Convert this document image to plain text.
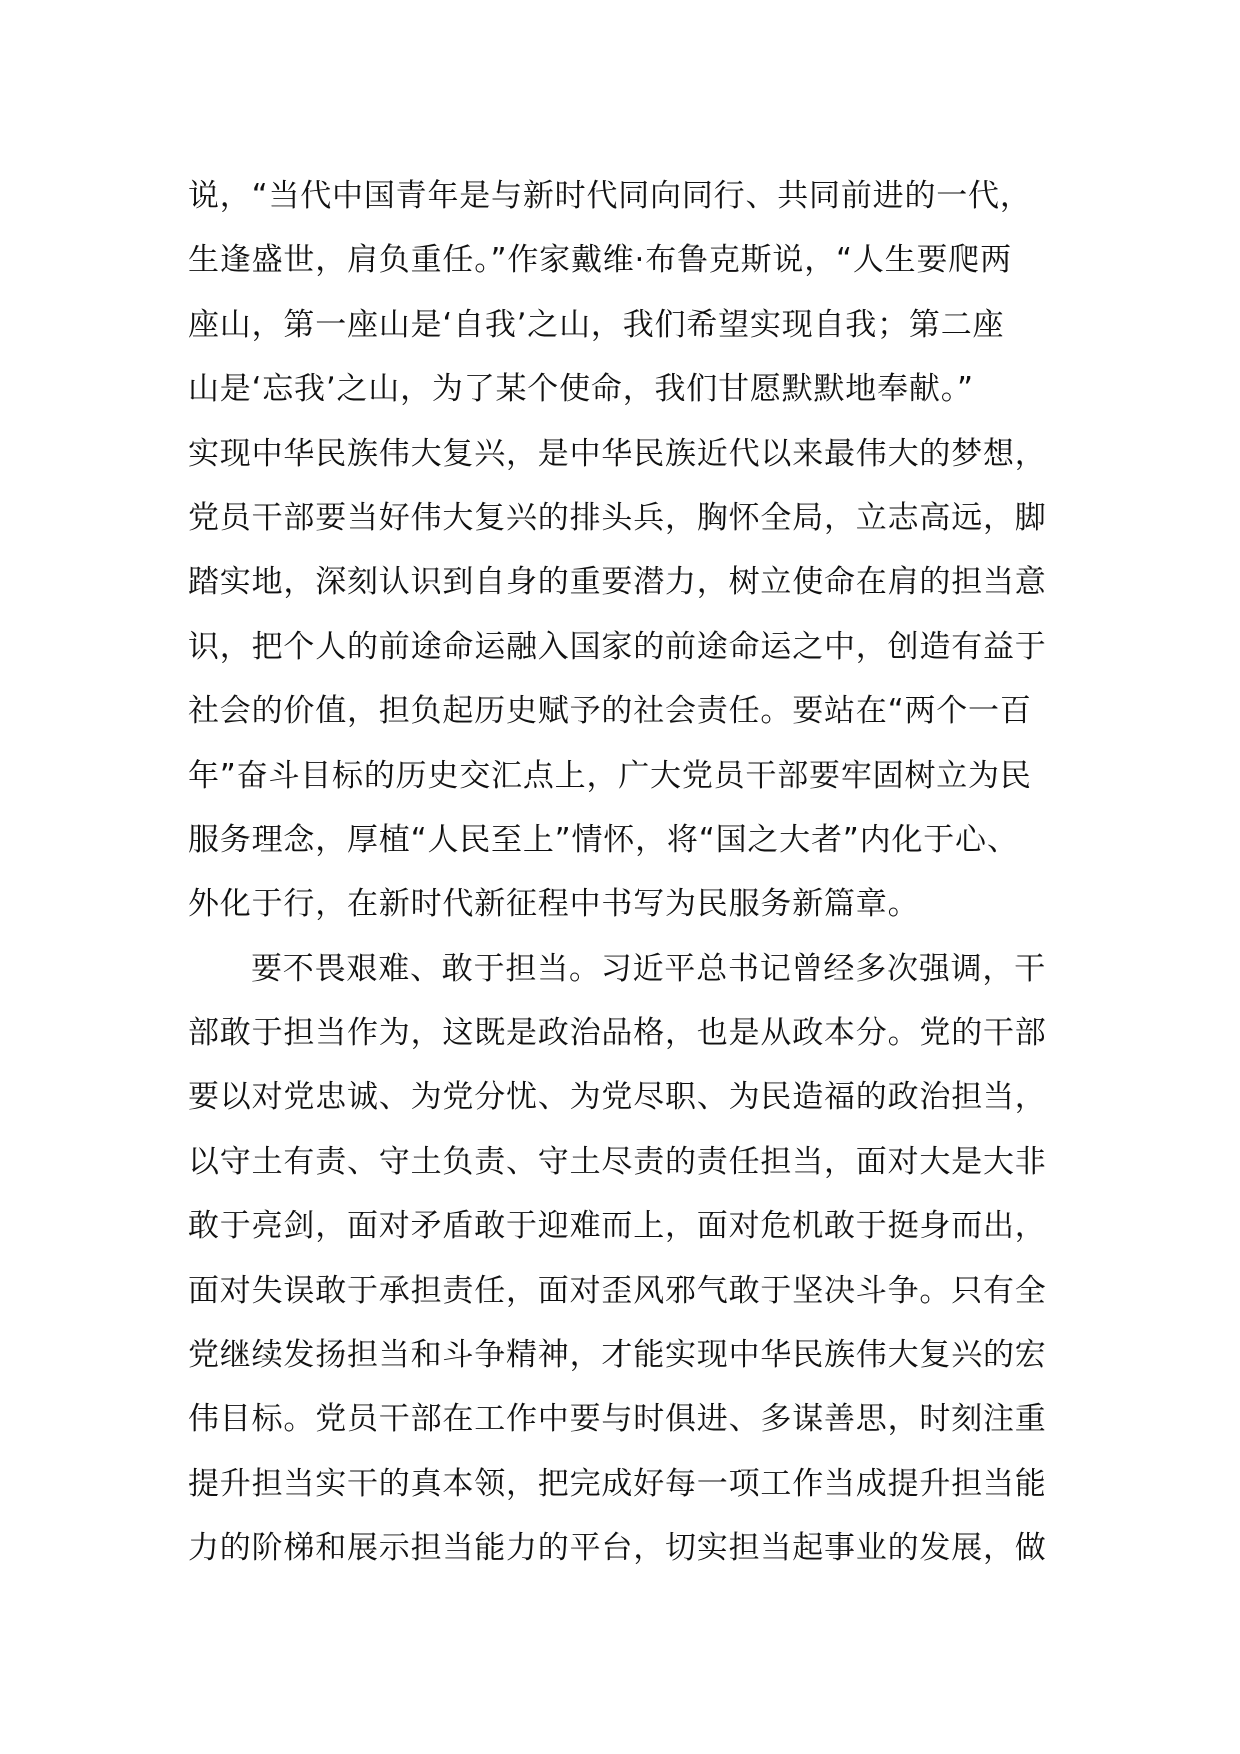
说，“当代中国青年是与新时代同向同行、共同前进的一代，
生逢盛世，肩负重任。”作家戴维·布鲁克斯说，“人生要爬两
座山，第一座山是‘自我’之山，我们希望实现自我；第二座
山是‘忘我’之山，为了某个使命，我们甘愿默默地奉献。”
实现中华民族伟大复兴，是中华民族近代以来最伟大的梦想，
党员干部要当好伟大复兴的排头兵，胸怀全局，立志高远，脚
踏实地，深刻认识到自身的重要潜力，树立使命在肩的担当意
识，把个人的前途命运融入国家的前途命运之中，创造有益于
社会的价值，担负起历史赋予的社会责任。要站在“两个一百
年”奋斗目标的历史交汇点上，广大党员干部要牢固树立为民
服务理念，厚植“人民至上”情怀，将“国之大者”内化于心、
外化于行，在新时代新征程中书写为民服务新篇章。
要不畏艰难、敢于担当。习近平总书记曾经多次强调，干
部敢于担当作为，这既是政治品格，也是从政本分。党的干部
要以对党忠诚、为党分忧、为党尽职、为民造福的政治担当，
以守土有责、守土负责、守土尽责的责任担当，面对大是大非
敢于亮剑，面对矛盾敢于迎难而上，面对危机敢于挺身而出，
面对失误敢于承担责任，面对歪风邪气敢于坚决斗争。只有全
党继续发扬担当和斗争精神，才能实现中华民族伟大复兴的宏
伟目标。党员干部在工作中要与时俱进、多谋善思，时刻注重
提升担当实干的真本领，把完成好每一项工作当成提升担当能
力的阶梯和展示担当能力的平台，切实担当起事业的发展，做
